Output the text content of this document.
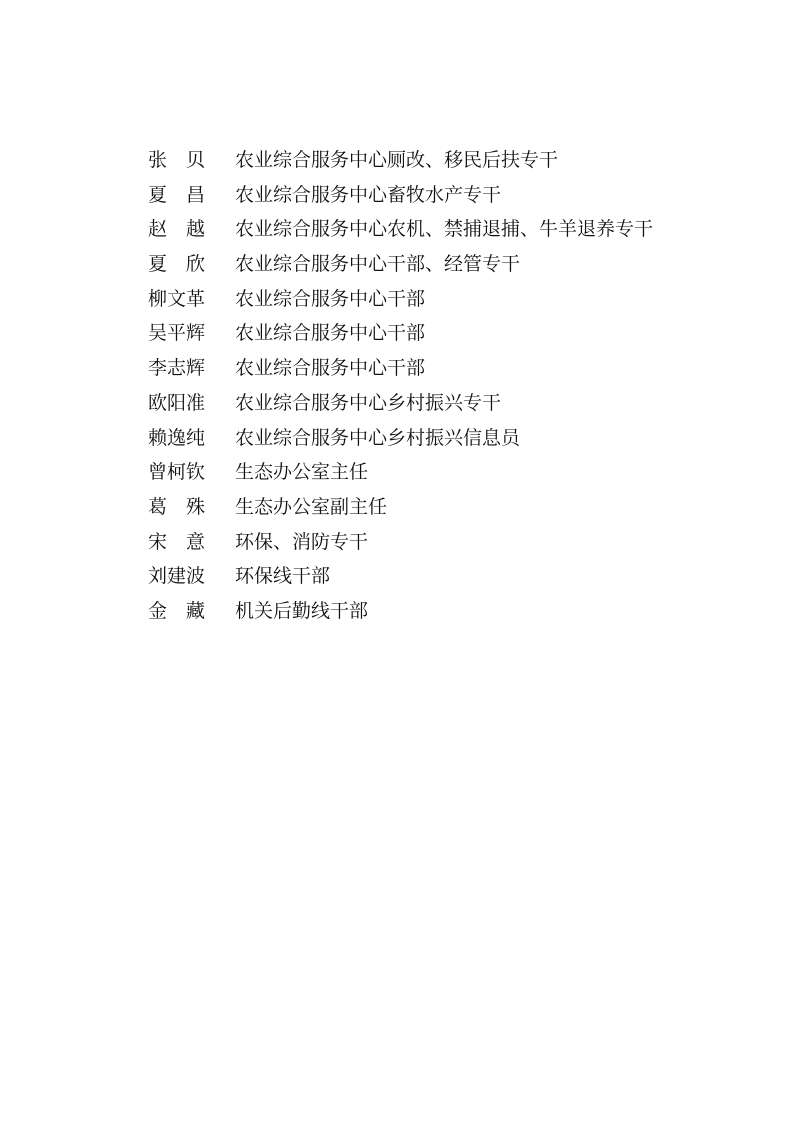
张　贝	农业综合服务中心厕改、移民后扶专干
夏　昌	农业综合服务中心畜牧水产专干
赵　越	农业综合服务中心农机、禁捕退捕、牛羊退养专干
夏　欣	农业综合服务中心干部、经管专干
柳文革	农业综合服务中心干部
吴平辉	农业综合服务中心干部
李志辉	农业综合服务中心干部
欧阳准	农业综合服务中心乡村振兴专干
赖逸纯	农业综合服务中心乡村振兴信息员
曾柯钦	生态办公室主任
葛　殊	生态办公室副主任
宋　意	环保、消防专干
刘建波	环保线干部
金　藏	机关后勤线干部
